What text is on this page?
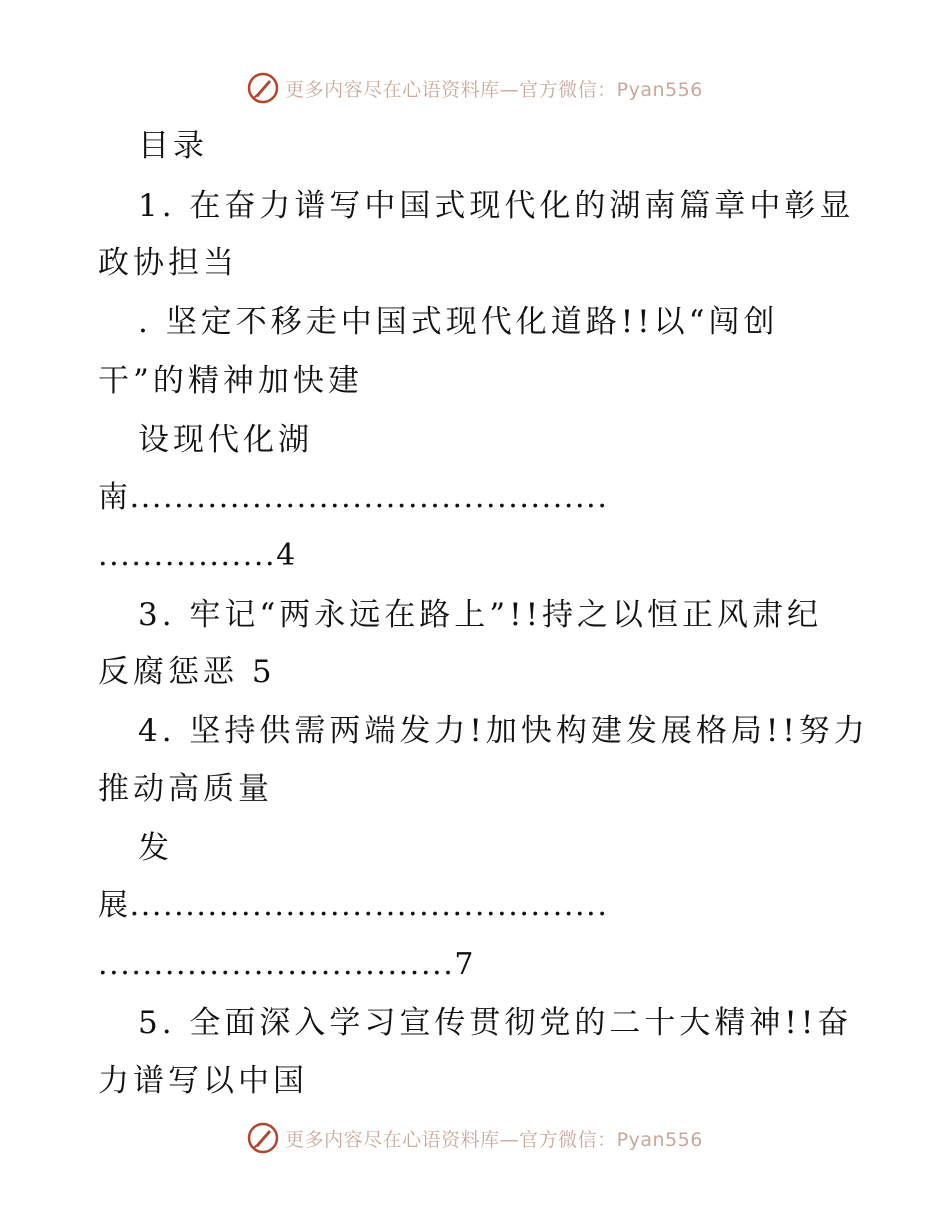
更多内容尽在心语资料库—官方微信：Pyan556
目录
1. 在奋力谱写中国式现代化的湖南篇章中彰显
政协担当
. 坚定不移走中国式现代化道路!!以“闯创
干”的精神加快建
设现代化湖
南...........................................
................4
3. 牢记“两永远在路上”!!持之以恒正风肃纪
反腐惩恶 5
4. 坚持供需两端发力!加快构建发展格局!!努力
推动高质量
发
展...........................................
................................7
5. 全面深入学习宣传贯彻党的二十大精神!!奋
力谱写以中国
更多内容尽在心语资料库—官方微信：Pyan556
